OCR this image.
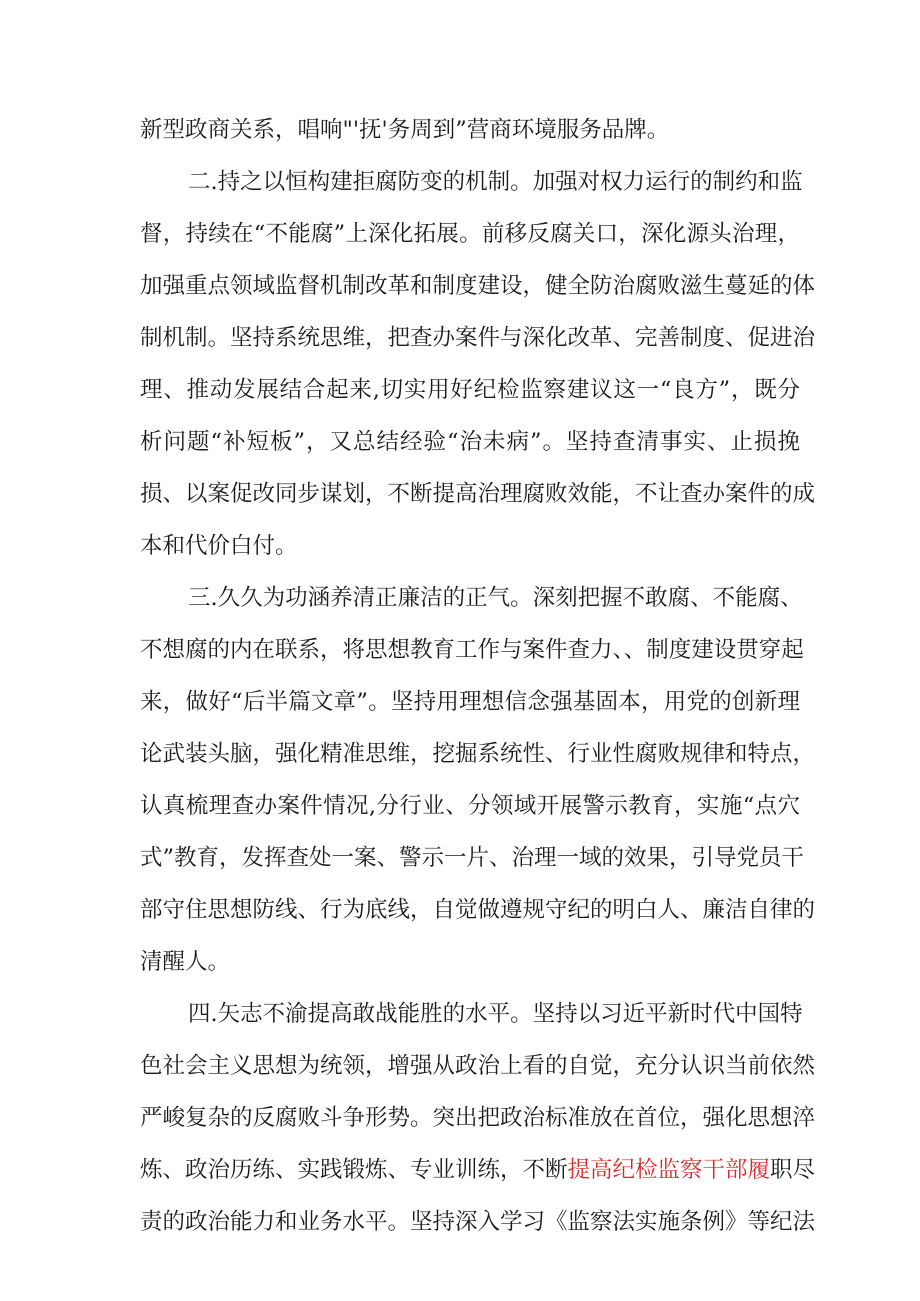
新型政商关系，唱响"'抚'务周到”营商环境服务品牌。
二.持之以恒构建拒腐防变的机制。加强对权力运行的制约和监
督，持续在“不能腐”上深化拓展。前移反腐关口，深化源头治理，
加强重点领域监督机制改革和制度建设，健全防治腐败滋生蔓延的体
制机制。坚持系统思维，把查办案件与深化改革、完善制度、促进治
理、推动发展结合起来,切实用好纪检监察建议这一“良方”，既分
析问题“补短板”，又总结经验“治未病”。坚持查清事实、止损挽
损、以案促改同步谋划，不断提高治理腐败效能，不让查办案件的成
本和代价白付。
三.久久为功涵养清正廉洁的正气。深刻把握不敢腐、不能腐、
不想腐的内在联系，将思想教育工作与案件查力、、制度建设贯穿起
来，做好“后半篇文章”。坚持用理想信念强基固本，用党的创新理
论武装头脑，强化精准思维，挖掘系统性、行业性腐败规律和特点，
认真梳理查办案件情况,分行业、分领域开展警示教育，实施“点穴
式”教育，发挥查处一案、警示一片、治理一域的效果，引导党员干
部守住思想防线、行为底线，自觉做遵规守纪的明白人、廉洁自律的
清醒人。
四.矢志不渝提高敢战能胜的水平。坚持以习近平新时代中国特
色社会主义思想为统领，增强从政治上看的自觉，充分认识当前依然
严峻复杂的反腐败斗争形势。突出把政治标准放在首位，强化思想淬
炼、政治历练、实践锻炼、专业训练，不断提高纪检监察干部履职尽
责的政治能力和业务水平。坚持深入学习《监察法实施条例》等纪法
